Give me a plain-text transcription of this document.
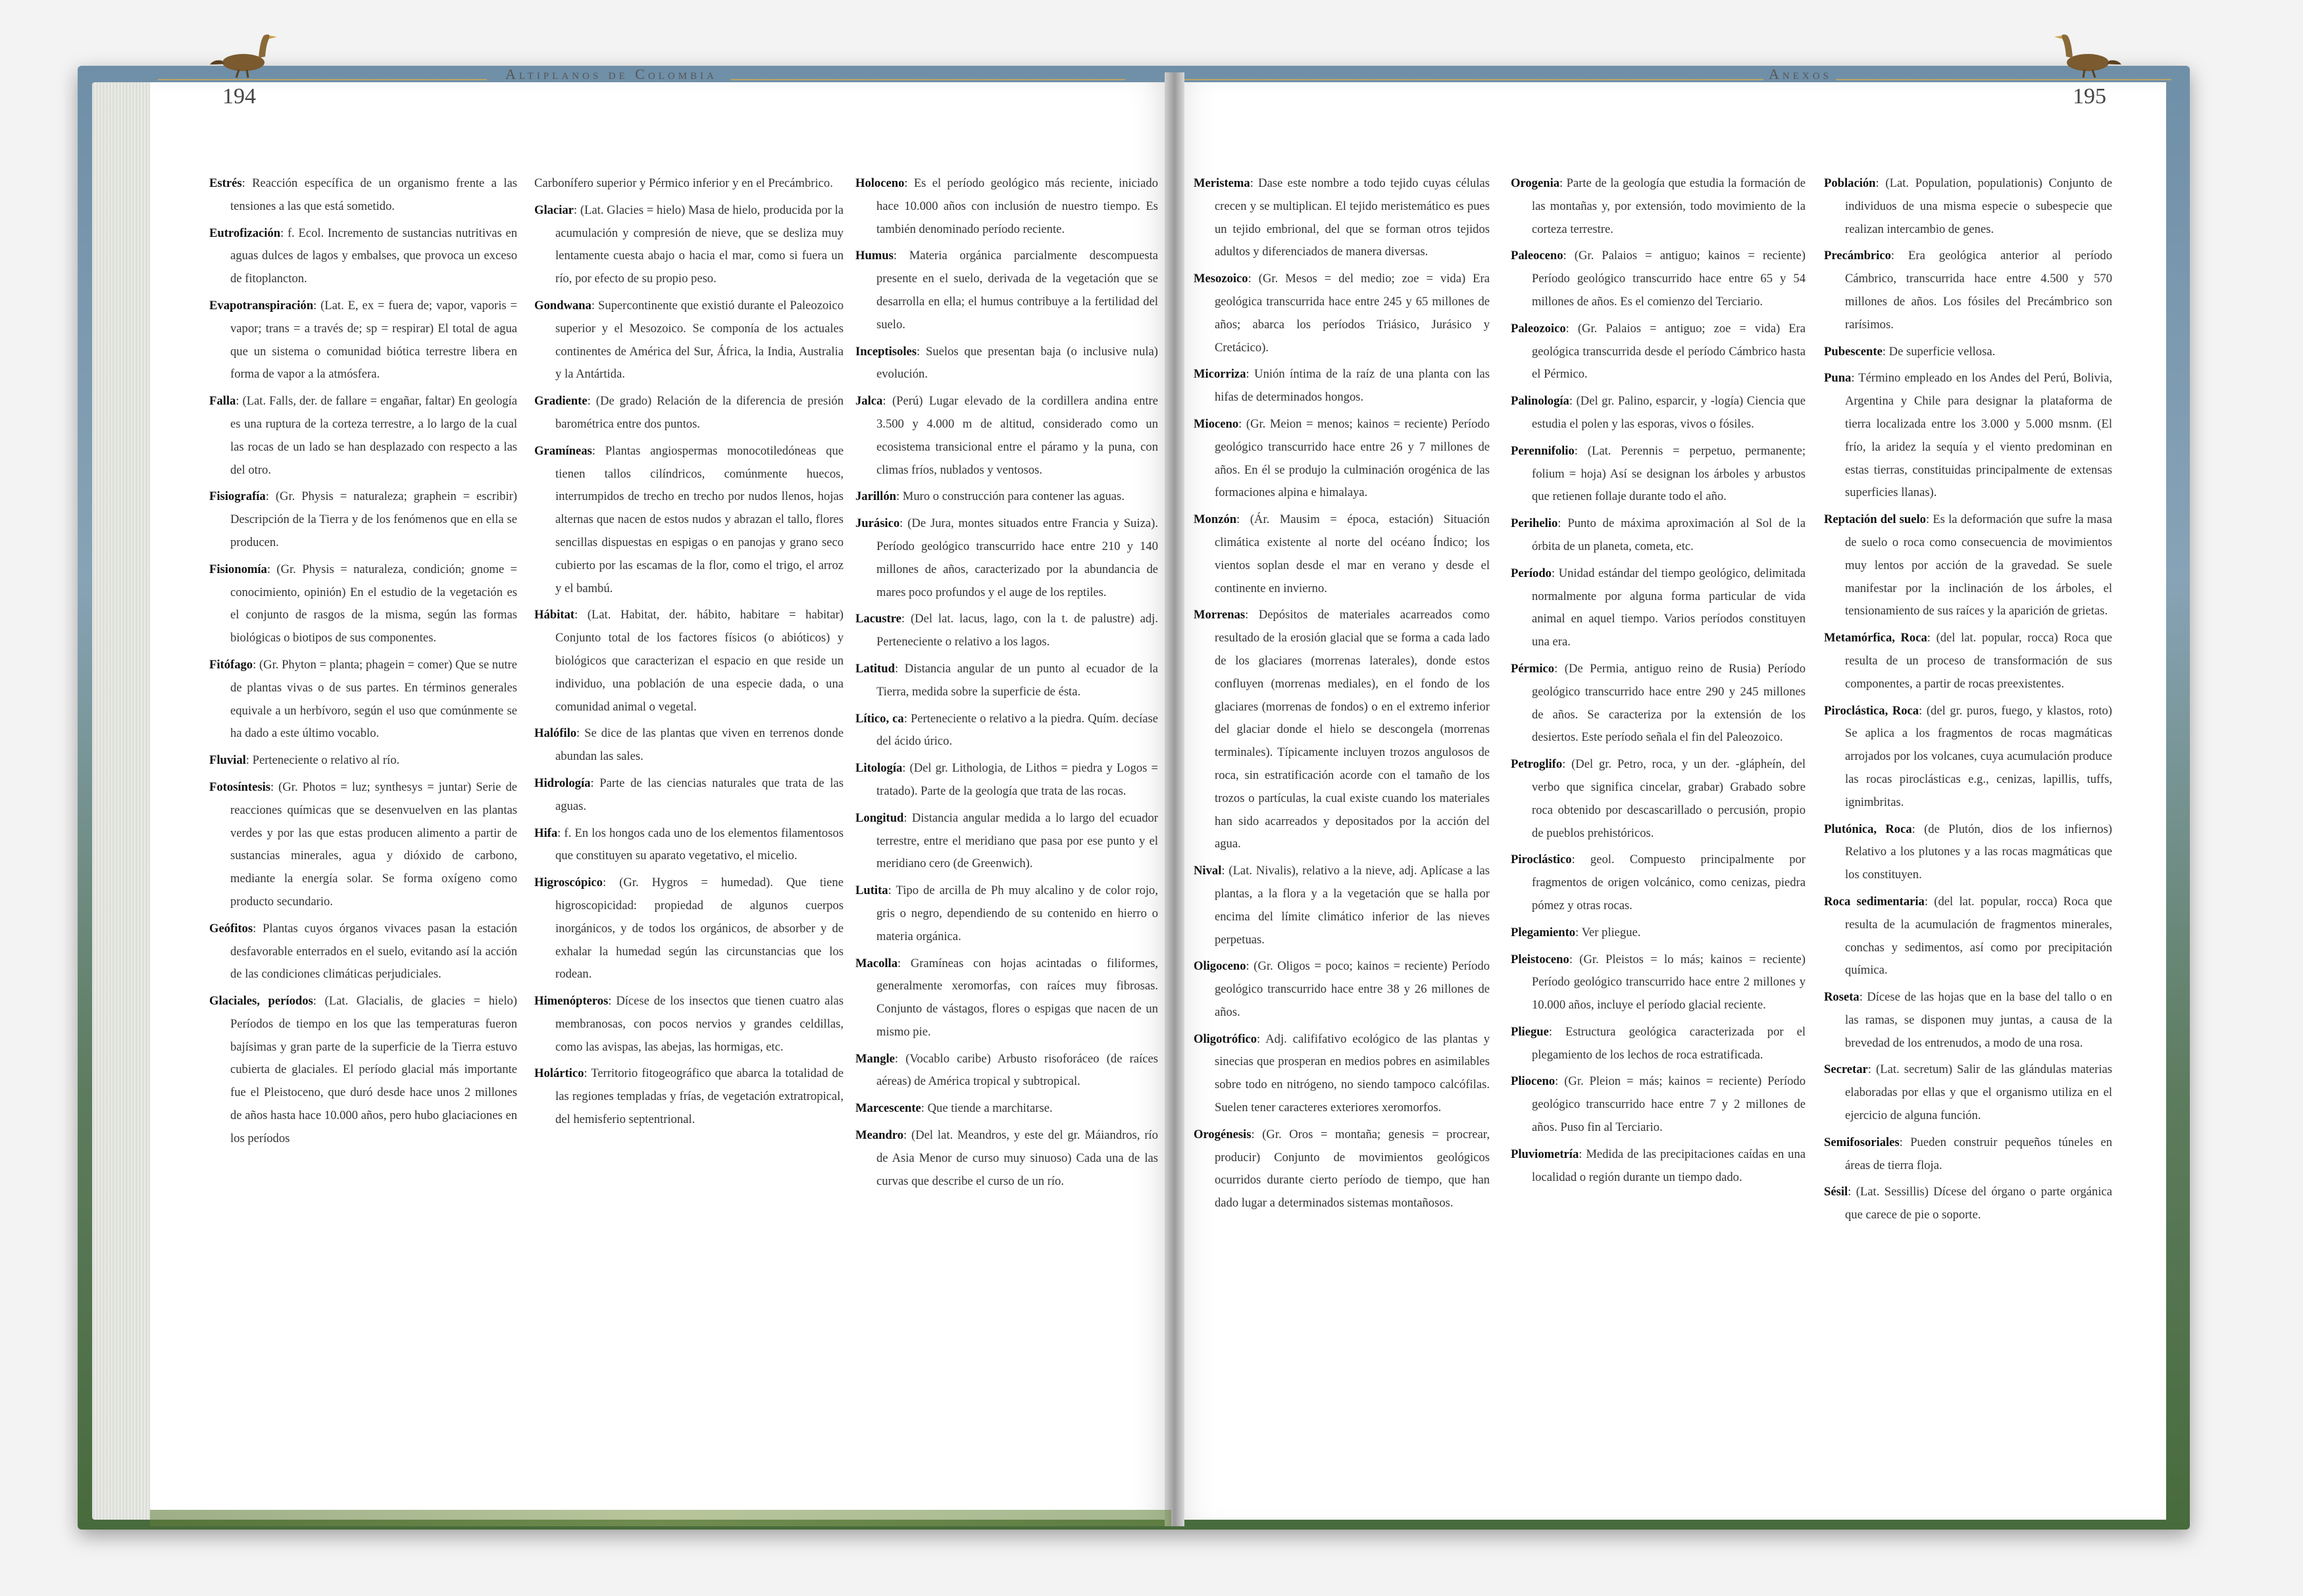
Altiplanos de Colombia
194
Anexos
195

Estrés: Reacción específica de un organismo frente a las tensiones a las que está sometido.

Eutrofización: f. Ecol. Incremento de sustancias nutritivas en aguas dulces de lagos y embalses, que provoca un exceso de fitoplancton.

Evapotranspiración: (Lat. E, ex = fuera de; vapor, vaporis = vapor; trans = a través de; sp = respirar) El total de agua que un sistema o comunidad biótica terrestre libera en forma de vapor a la atmósfera.

Falla: (Lat. Falls, der. de fallare = engañar, faltar) En geología es una ruptura de la corteza terrestre, a lo largo de la cual las rocas de un lado se han desplazado con respecto a las del otro.

Fisiografía: (Gr. Physis = naturaleza; graphein = escribir) Descripción de la Tierra y de los fenómenos que en ella se producen.

Fisionomía: (Gr. Physis = naturaleza, condición; gnome = conocimiento, opinión) En el estudio de la vegetación es el conjunto de rasgos de la misma, según las formas biológicas o biotipos de sus componentes.

Fitófago: (Gr. Phyton = planta; phagein = comer) Que se nutre de plantas vivas o de sus partes. En términos generales equivale a un herbívoro, según el uso que comúnmente se ha dado a este último vocablo.

Fluvial: Perteneciente o relativo al río.

Fotosíntesis: (Gr. Photos = luz; synthesys = juntar) Serie de reacciones químicas que se desenvuelven en las plantas verdes y por las que estas producen alimento a partir de sustancias minerales, agua y dióxido de carbono, mediante la energía solar. Se forma oxígeno como producto secundario.

Geófitos: Plantas cuyos órganos vivaces pasan la estación desfavorable enterrados en el suelo, evitando así la acción de las condiciones climáticas perjudiciales.

Glaciales, períodos: (Lat. Glacialis, de glacies = hielo) Períodos de tiempo en los que las temperaturas fueron bajísimas y gran parte de la superficie de la Tierra estuvo cubierta de glaciales. El período glacial más importante fue el Pleistoceno, que duró desde hace unos 2 millones de años hasta hace 10.000 años, pero hubo glaciaciones en los períodos

Carbonífero superior y Pérmico inferior y en el Precámbrico.

Glaciar: (Lat. Glacies = hielo) Masa de hielo, producida por la acumulación y compresión de nieve, que se desliza muy lentamente cuesta abajo o hacia el mar, como si fuera un río, por efecto de su propio peso.

Gondwana: Supercontinente que existió durante el Paleozoico superior y el Mesozoico. Se componía de los actuales continentes de América del Sur, África, la India, Australia y la Antártida.

Gradiente: (De grado) Relación de la diferencia de presión barométrica entre dos puntos.

Gramíneas: Plantas angiospermas monocotiledóneas que tienen tallos cilíndricos, comúnmente huecos, interrumpidos de trecho en trecho por nudos llenos, hojas alternas que nacen de estos nudos y abrazan el tallo, flores sencillas dispuestas en espigas o en panojas y grano seco cubierto por las escamas de la flor, como el trigo, el arroz y el bambú.

Hábitat: (Lat. Habitat, der. hábito, habitare = habitar) Conjunto total de los factores físicos (o abióticos) y biológicos que caracterizan el espacio en que reside un individuo, una población de una especie dada, o una comunidad animal o vegetal.

Halófilo: Se dice de las plantas que viven en terrenos donde abundan las sales.

Hidrología: Parte de las ciencias naturales que trata de las aguas.

Hifa: f. En los hongos cada uno de los elementos filamentosos que constituyen su aparato vegetativo, el micelio.

Higroscópico: (Gr. Hygros = humedad). Que tiene higroscopicidad: propiedad de algunos cuerpos inorgánicos, y de todos los orgánicos, de absorber y de exhalar la humedad según las circunstancias que los rodean.

Himenópteros: Dícese de los insectos que tienen cuatro alas membranosas, con pocos nervios y grandes celdillas, como las avispas, las abejas, las hormigas, etc.

Holártico: Territorio fitogeográfico que abarca la totalidad de las regiones templadas y frías, de vegetación extratropical, del hemisferio septentrional.

Holoceno: Es el período geológico más reciente, iniciado hace 10.000 años con inclusión de nuestro tiempo. Es también denominado período reciente.

Humus: Materia orgánica parcialmente descompuesta presente en el suelo, derivada de la vegetación que se desarrolla en ella; el humus contribuye a la fertilidad del suelo.

Inceptisoles: Suelos que presentan baja (o inclusive nula) evolución.

Jalca: (Perú) Lugar elevado de la cordillera andina entre 3.500 y 4.000 m de altitud, considerado como un ecosistema transicional entre el páramo y la puna, con climas fríos, nublados y ventosos.

Jarillón: Muro o construcción para contener las aguas.

Jurásico: (De Jura, montes situados entre Francia y Suiza). Período geológico transcurrido hace entre 210 y 140 millones de años, caracterizado por la abundancia de mares poco profundos y el auge de los reptiles.

Lacustre: (Del lat. lacus, lago, con la t. de palustre) adj. Perteneciente o relativo a los lagos.

Latitud: Distancia angular de un punto al ecuador de la Tierra, medida sobre la superficie de ésta.

Lítico, ca: Perteneciente o relativo a la piedra. Quím. decíase del ácido úrico.

Litología: (Del gr. Lithologia, de Lithos = piedra y Logos = tratado). Parte de la geología que trata de las rocas.

Longitud: Distancia angular medida a lo largo del ecuador terrestre, entre el meridiano que pasa por ese punto y el meridiano cero (de Greenwich).

Lutita: Tipo de arcilla de Ph muy alcalino y de color rojo, gris o negro, dependiendo de su contenido en hierro o materia orgánica.

Macolla: Gramíneas con hojas acintadas o filiformes, generalmente xeromorfas, con raíces muy fibrosas. Conjunto de vástagos, flores o espigas que nacen de un mismo pie.

Mangle: (Vocablo caribe) Arbusto risoforáceo (de raíces aéreas) de América tropical y subtropical.

Marcescente: Que tiende a marchitarse.

Meandro: (Del lat. Meandros, y este del gr. Máiandros, río de Asia Menor de curso muy sinuoso) Cada una de las curvas que describe el curso de un río.

Meristema: Dase este nombre a todo tejido cuyas células crecen y se multiplican. El tejido meristemático es pues un tejido embrional, del que se forman otros tejidos adultos y diferenciados de manera diversas.

Mesozoico: (Gr. Mesos = del medio; zoe = vida) Era geológica transcurrida hace entre 245 y 65 millones de años; abarca los períodos Triásico, Jurásico y Cretácico).

Micorriza: Unión íntima de la raíz de una planta con las hifas de determinados hongos.

Mioceno: (Gr. Meion = menos; kainos = reciente) Período geológico transcurrido hace entre 26 y 7 millones de años. En él se produjo la culminación orogénica de las formaciones alpina e himalaya.

Monzón: (Ár. Mausim = época, estación) Situación climática existente al norte del océano Índico; los vientos soplan desde el mar en verano y desde el continente en invierno.

Morrenas: Depósitos de materiales acarreados como resultado de la erosión glacial que se forma a cada lado de los glaciares (morrenas laterales), donde estos confluyen (morrenas mediales), en el fondo de los glaciares (morrenas de fondos) o en el extremo inferior del glaciar donde el hielo se descongela (morrenas terminales). Típicamente incluyen trozos angulosos de roca, sin estratificación acorde con el tamaño de los trozos o partículas, la cual existe cuando los materiales han sido acarreados y depositados por la acción del agua.

Nival: (Lat. Nivalis), relativo a la nieve, adj. Aplícase a las plantas, a la flora y a la vegetación que se halla por encima del límite climático inferior de las nieves perpetuas.

Oligoceno: (Gr. Oligos = poco; kainos = reciente) Período geológico transcurrido hace entre 38 y 26 millones de años.

Oligotrófico: Adj. calififativo ecológico de las plantas y sinecias que prosperan en medios pobres en asimilables sobre todo en nitrógeno, no siendo tampoco calcófilas. Suelen tener caracteres exteriores xeromorfos.

Orogénesis: (Gr. Oros = montaña; genesis = procrear, producir) Conjunto de movimientos geológicos ocurridos durante cierto período de tiempo, que han dado lugar a determinados sistemas montañosos.

Orogenia: Parte de la geología que estudia la formación de las montañas y, por extensión, todo movimiento de la corteza terrestre.

Paleoceno: (Gr. Palaios = antiguo; kainos = reciente) Período geológico transcurrido hace entre 65 y 54 millones de años. Es el comienzo del Terciario.

Paleozoico: (Gr. Palaios = antiguo; zoe = vida) Era geológica transcurrida desde el período Cámbrico hasta el Pérmico.

Palinología: (Del gr. Palino, esparcir, y -logía) Ciencia que estudia el polen y las esporas, vivos o fósiles.

Perennifolio: (Lat. Perennis = perpetuo, permanente; folium = hoja) Así se designan los árboles y arbustos que retienen follaje durante todo el año.

Perihelio: Punto de máxima aproximación al Sol de la órbita de un planeta, cometa, etc.

Período: Unidad estándar del tiempo geológico, delimitada normalmente por alguna forma particular de vida animal en aquel tiempo. Varios períodos constituyen una era.

Pérmico: (De Permia, antiguo reino de Rusia) Período geológico transcurrido hace entre 290 y 245 millones de años. Se caracteriza por la extensión de los desiertos. Este período señala el fin del Paleozoico.

Petroglifo: (Del gr. Petro, roca, y un der. -glápheín, del verbo que significa cincelar, grabar) Grabado sobre roca obtenido por descascarillado o percusión, propio de pueblos prehistóricos.

Piroclástico: geol. Compuesto principalmente por fragmentos de origen volcánico, como cenizas, piedra pómez y otras rocas.

Plegamiento: Ver pliegue.

Pleistoceno: (Gr. Pleistos = lo más; kainos = reciente) Período geológico transcurrido hace entre 2 millones y 10.000 años, incluye el período glacial reciente.

Pliegue: Estructura geológica caracterizada por el plegamiento de los lechos de roca estratificada.

Plioceno: (Gr. Pleion = más; kainos = reciente) Período geológico transcurrido hace entre 7 y 2 millones de años. Puso fin al Terciario.

Pluviometría: Medida de las precipitaciones caídas en una localidad o región durante un tiempo dado.

Población: (Lat. Population, populationis) Conjunto de individuos de una misma especie o subespecie que realizan intercambio de genes.

Precámbrico: Era geológica anterior al período Cámbrico, transcurrida hace entre 4.500 y 570 millones de años. Los fósiles del Precámbrico son rarísimos.

Pubescente: De superficie vellosa.

Puna: Término empleado en los Andes del Perú, Bolivia, Argentina y Chile para designar la plataforma de tierra localizada entre los 3.000 y 5.000 msnm. (El frío, la aridez la sequía y el viento predominan en estas tierras, constituidas principalmente de extensas superficies llanas).

Reptación del suelo: Es la deformación que sufre la masa de suelo o roca como consecuencia de movimientos muy lentos por acción de la gravedad. Se suele manifestar por la inclinación de los árboles, el tensionamiento de sus raíces y la aparición de grietas.

Metamórfica, Roca: (del lat. popular, rocca) Roca que resulta de un proceso de transformación de sus componentes, a partir de rocas preexistentes.

Piroclástica, Roca: (del gr. puros, fuego, y klastos, roto) Se aplica a los fragmentos de rocas magmáticas arrojados por los volcanes, cuya acumulación produce las rocas piroclásticas e.g., cenizas, lapillis, tuffs, ignimbritas.

Plutónica, Roca: (de Plutón, dios de los infiernos) Relativo a los plutones y a las rocas magmáticas que los constituyen.

Roca sedimentaria: (del lat. popular, rocca) Roca que resulta de la acumulación de fragmentos minerales, conchas y sedimentos, así como por precipitación química.

Roseta: Dícese de las hojas que en la base del tallo o en las ramas, se disponen muy juntas, a causa de la brevedad de los entrenudos, a modo de una rosa.

Secretar: (Lat. secretum) Salir de las glándulas materias elaboradas por ellas y que el organismo utiliza en el ejercicio de alguna función.

Semifosoriales: Pueden construir pequeños túneles en áreas de tierra floja.

Sésil: (Lat. Sessillis) Dícese del órgano o parte orgánica que carece de pie o soporte.
